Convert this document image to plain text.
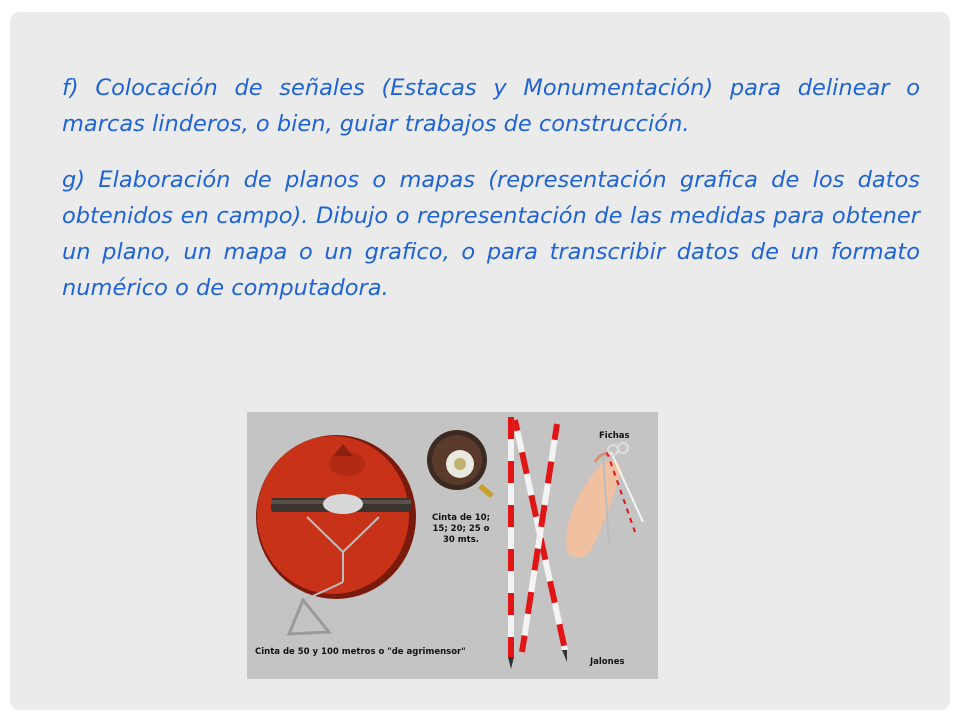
f) Colocación de señales (Estacas y Monumentación) para delinear o marcas linderos, o bien, guiar trabajos de construcción.

g) Elaboración de planos o mapas (representación grafica de los datos obtenidos en campo). Dibujo o representación de las medidas para obtener un plano, un mapa o un grafico, o para transcribir datos de un formato numérico o de computadora.

Fichas
Cinta de 10; 15; 20; 25 o 30 mts.
Cinta de 50 y 100 metros o "de agrimensor"
Jalones
